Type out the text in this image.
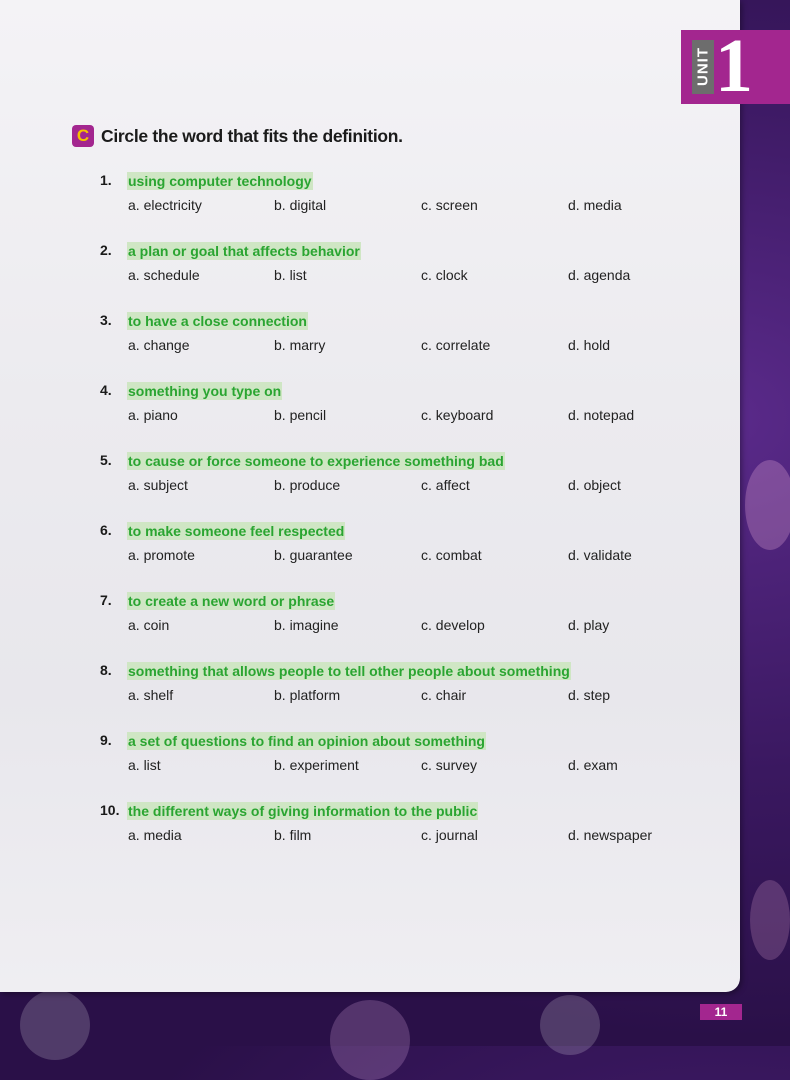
C Circle the word that fits the definition.
1. using computer technology
a. electricity	b. digital	c. screen	d. media
2. a plan or goal that affects behavior
a. schedule	b. list	c. clock	d. agenda
3. to have a close connection
a. change	b. marry	c. correlate	d. hold
4. something you type on
a. piano	b. pencil	c. keyboard	d. notepad
5. to cause or force someone to experience something bad
a. subject	b. produce	c. affect	d. object
6. to make someone feel respected
a. promote	b. guarantee	c. combat	d. validate
7. to create a new word or phrase
a. coin	b. imagine	c. develop	d. play
8. something that allows people to tell other people about something
a. shelf	b. platform	c. chair	d. step
9. a set of questions to find an opinion about something
a. list	b. experiment	c. survey	d. exam
10. the different ways of giving information to the public
a. media	b. film	c. journal	d. newspaper
UNIT 1
11
